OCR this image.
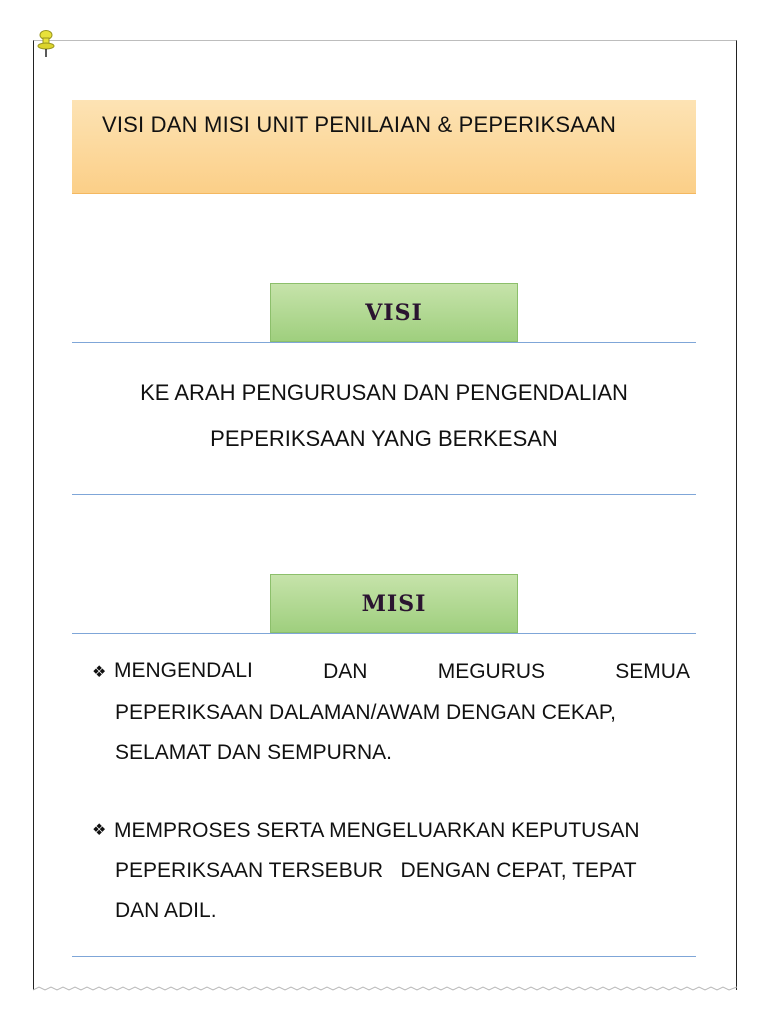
VISI DAN MISI UNIT PENILAIAN & PEPERIKSAAN
VISI
KE ARAH PENGURUSAN DAN PENGENDALIAN
PEPERIKSAAN YANG BERKESAN
MISI
❖ MENGENDALI	DAN	MEGURUS	SEMUA
PEPERIKSAAN DALAMAN/AWAM DENGAN CEKAP,
SELAMAT DAN SEMPURNA.
❖ MEMPROSES SERTA MENGELUARKAN KEPUTUSAN
PEPERIKSAAN TERSEBUR   DENGAN CEPAT, TEPAT
DAN ADIL.
